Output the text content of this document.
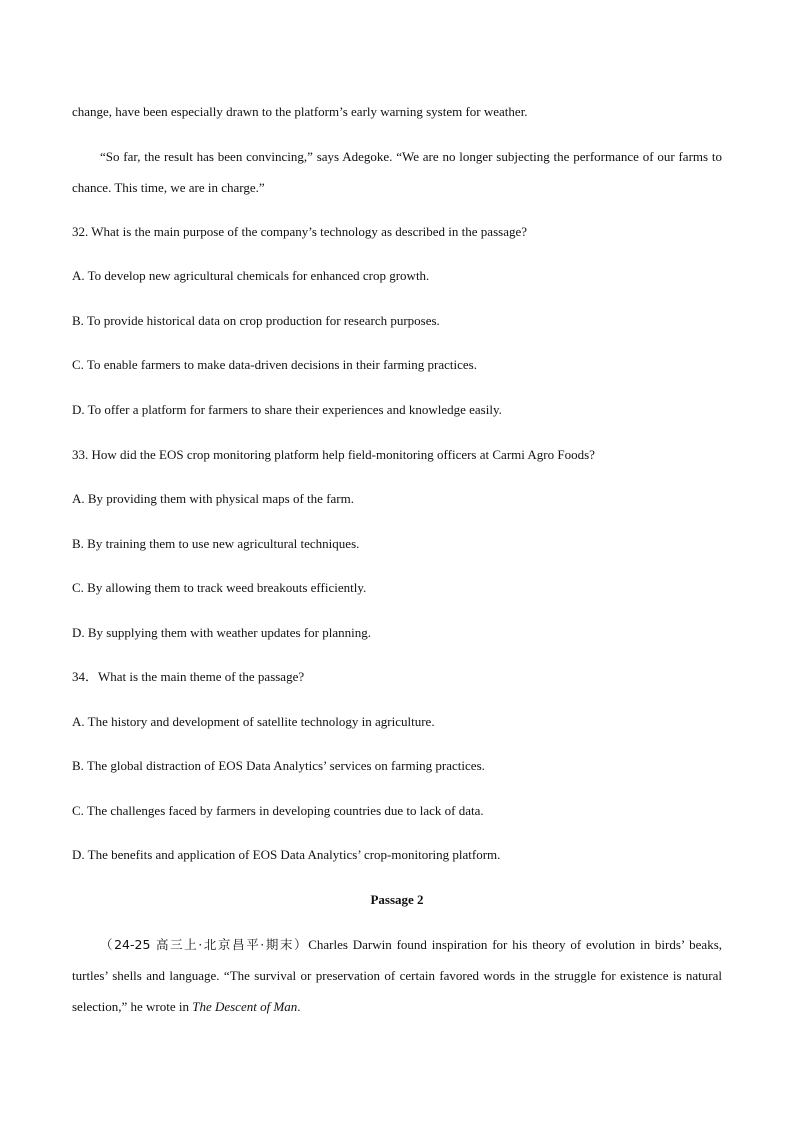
change, have been especially drawn to the platform’s early warning system for weather.
“So far, the result has been convincing,” says Adegoke. “We are no longer subjecting the performance of our farms to chance. This time, we are in charge.”
32. What is the main purpose of the company’s technology as described in the passage?
A. To develop new agricultural chemicals for enhanced crop growth.
B. To provide historical data on crop production for research purposes.
C. To enable farmers to make data-driven decisions in their farming practices.
D. To offer a platform for farmers to share their experiences and knowledge easily.
33. How did the EOS crop monitoring platform help field-monitoring officers at Carmi Agro Foods?
A. By providing them with physical maps of the farm.
B. By training them to use new agricultural techniques.
C. By allowing them to track weed breakouts efficiently.
D. By supplying them with weather updates for planning.
34．What is the main theme of the passage?
A. The history and development of satellite technology in agriculture.
B. The global distraction of EOS Data Analytics’ services on farming practices.
C. The challenges faced by farmers in developing countries due to lack of data.
D. The benefits and application of EOS Data Analytics’ crop-monitoring platform.
Passage 2
（24-25 高三上·北京昌平·期末）Charles Darwin found inspiration for his theory of evolution in birds’ beaks, turtles’ shells and language. “The survival or preservation of certain favored words in the struggle for existence is natural selection,” he wrote in The Descent of Man.
